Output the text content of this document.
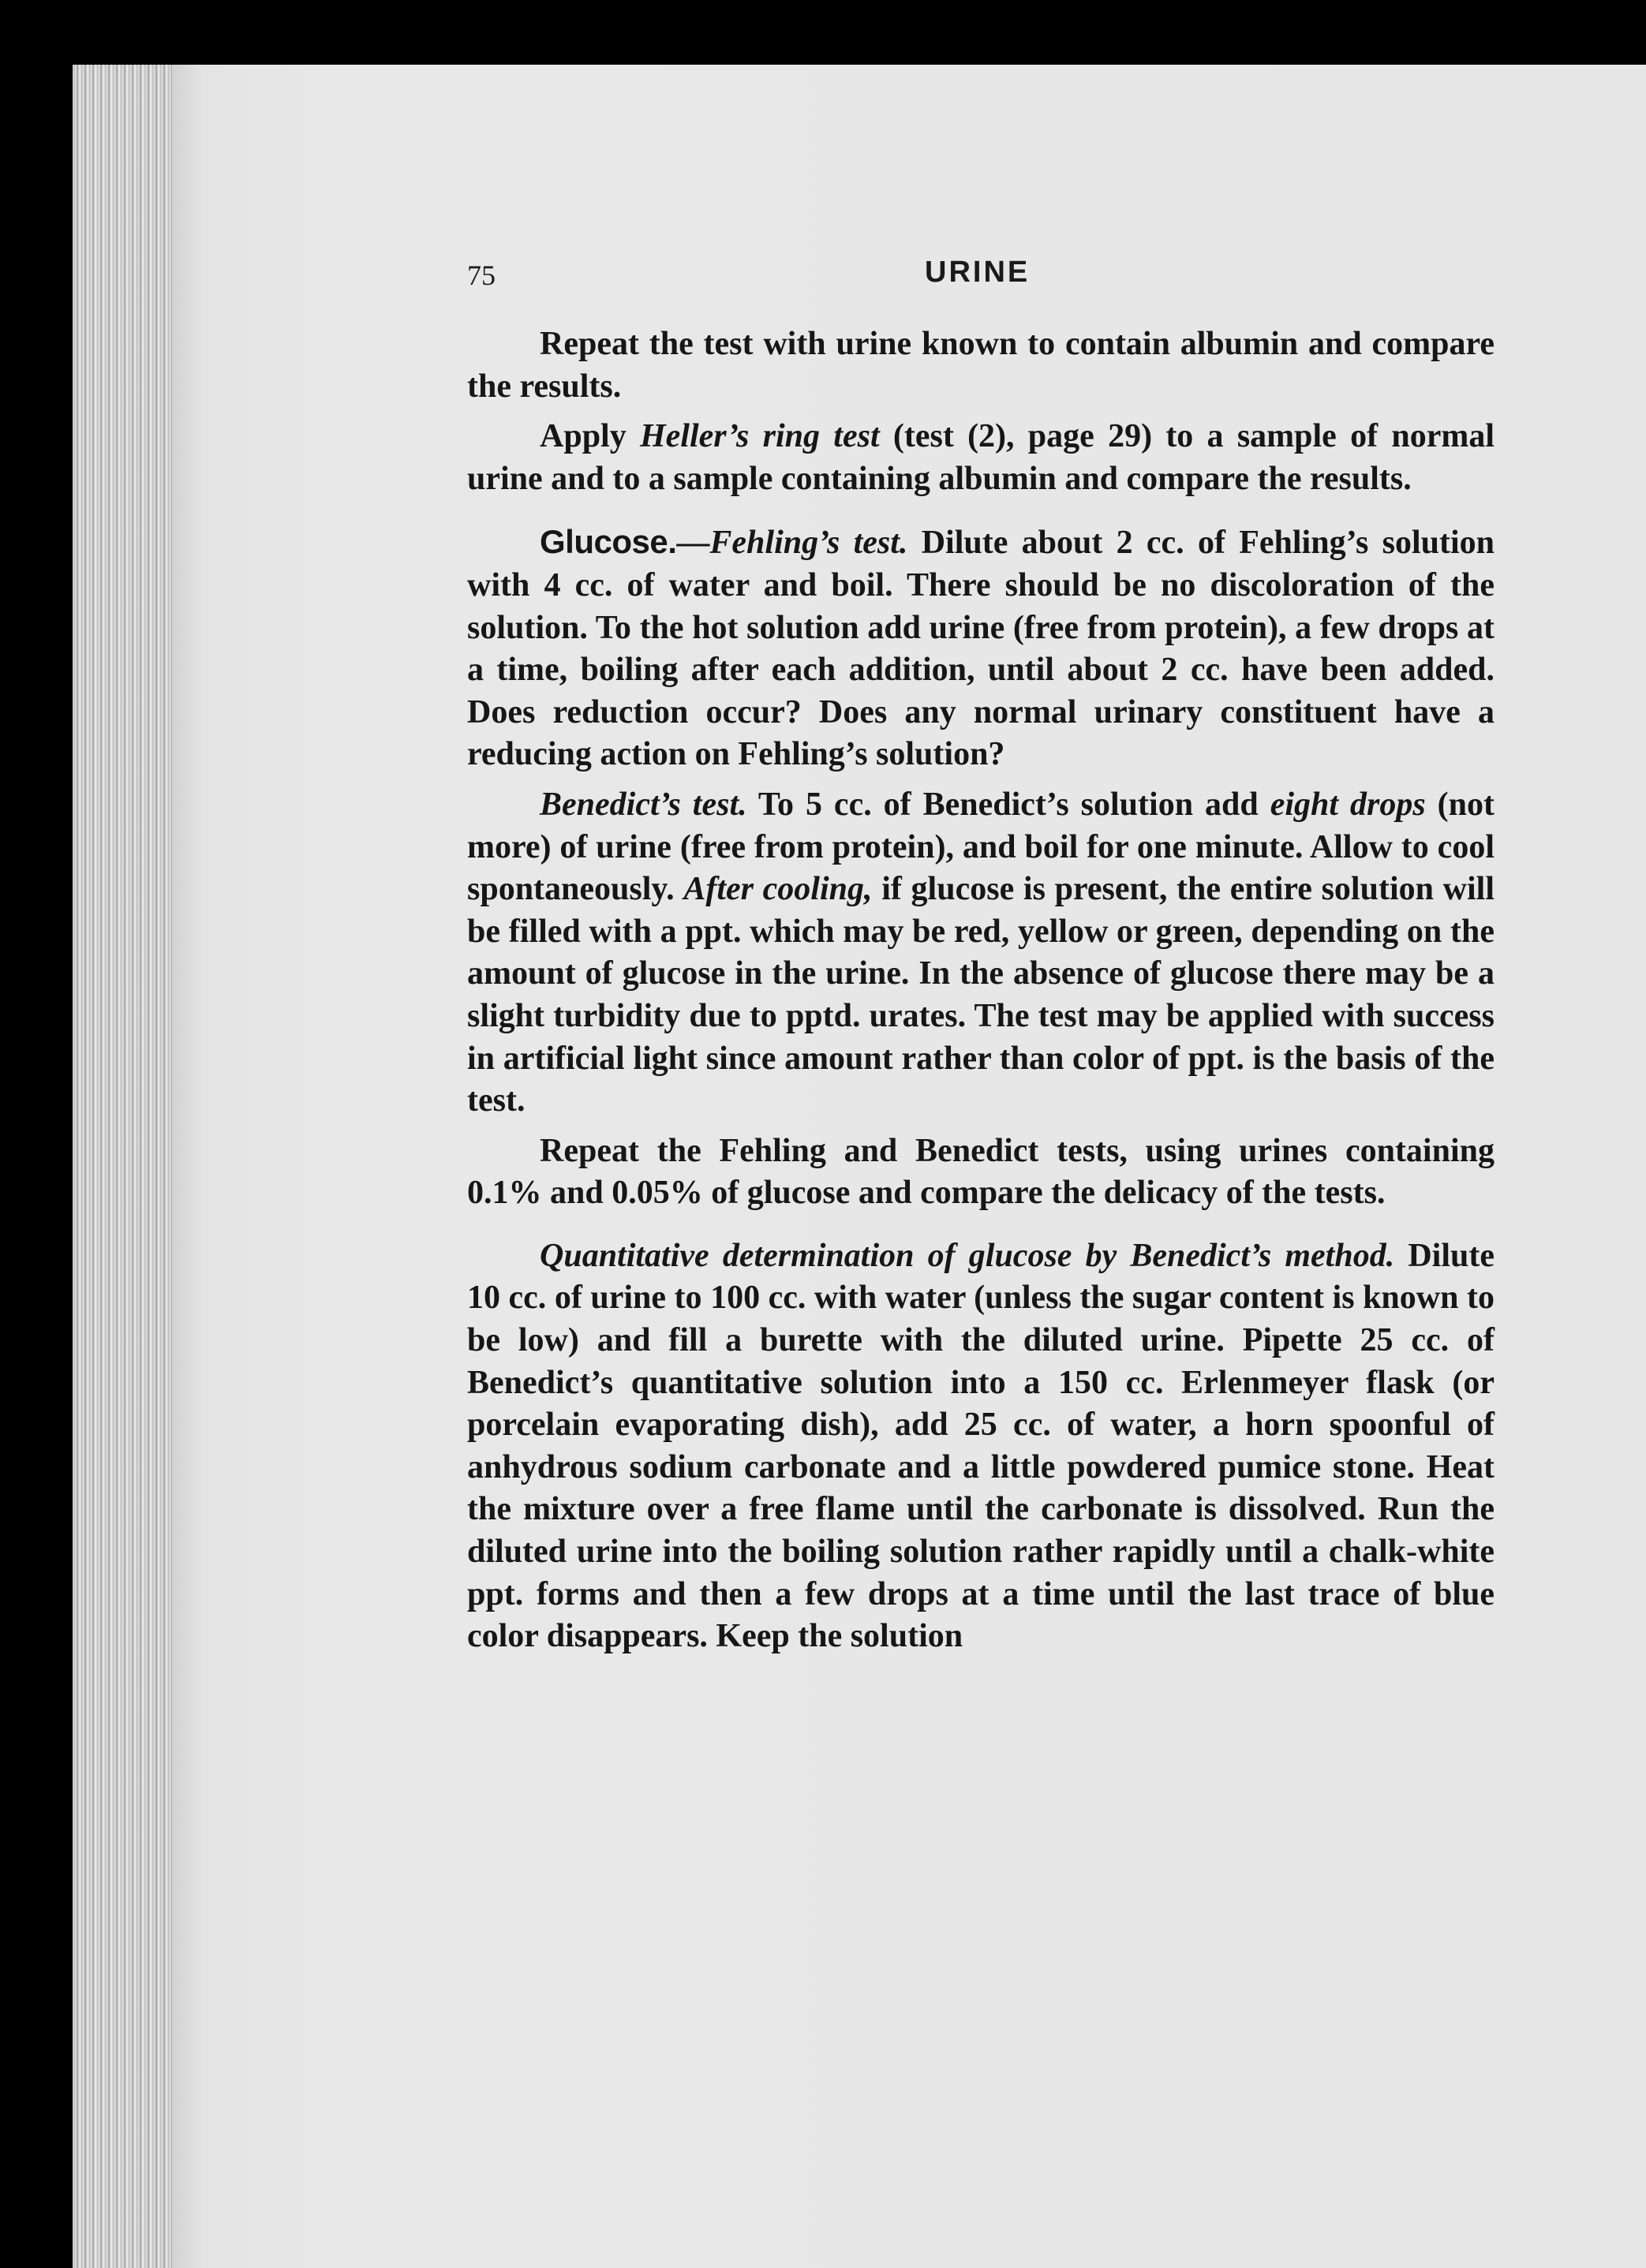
75	URINE

Repeat the test with urine known to contain albumin and compare the results.

Apply Heller’s ring test (test (2), page 29) to a sample of normal urine and to a sample containing albumin and compare the results.

Glucose.—Fehling’s test. Dilute about 2 cc. of Fehling’s solution with 4 cc. of water and boil. There should be no discoloration of the solution. To the hot solution add urine (free from protein), a few drops at a time, boiling after each addition, until about 2 cc. have been added. Does reduction occur? Does any normal urinary constituent have a reducing action on Fehling’s solution?

Benedict’s test. To 5 cc. of Benedict’s solution add eight drops (not more) of urine (free from protein), and boil for one minute. Allow to cool spontaneously. After cooling, if glucose is present, the entire solution will be filled with a ppt. which may be red, yellow or green, depending on the amount of glucose in the urine. In the absence of glucose there may be a slight turbidity due to pptd. urates. The test may be applied with success in artificial light since amount rather than color of ppt. is the basis of the test.

Repeat the Fehling and Benedict tests, using urines containing 0.1% and 0.05% of glucose and compare the delicacy of the tests.

Quantitative determination of glucose by Benedict’s method. Dilute 10 cc. of urine to 100 cc. with water (unless the sugar content is known to be low) and fill a burette with the diluted urine. Pipette 25 cc. of Benedict’s quantitative solution into a 150 cc. Erlenmeyer flask (or porcelain evaporating dish), add 25 cc. of water, a horn spoonful of anhydrous sodium carbonate and a little powdered pumice stone. Heat the mixture over a free flame until the carbonate is dissolved. Run the diluted urine into the boiling solution rather rapidly until a chalk-white ppt. forms and then a few drops at a time until the last trace of blue color disappears. Keep the solution
